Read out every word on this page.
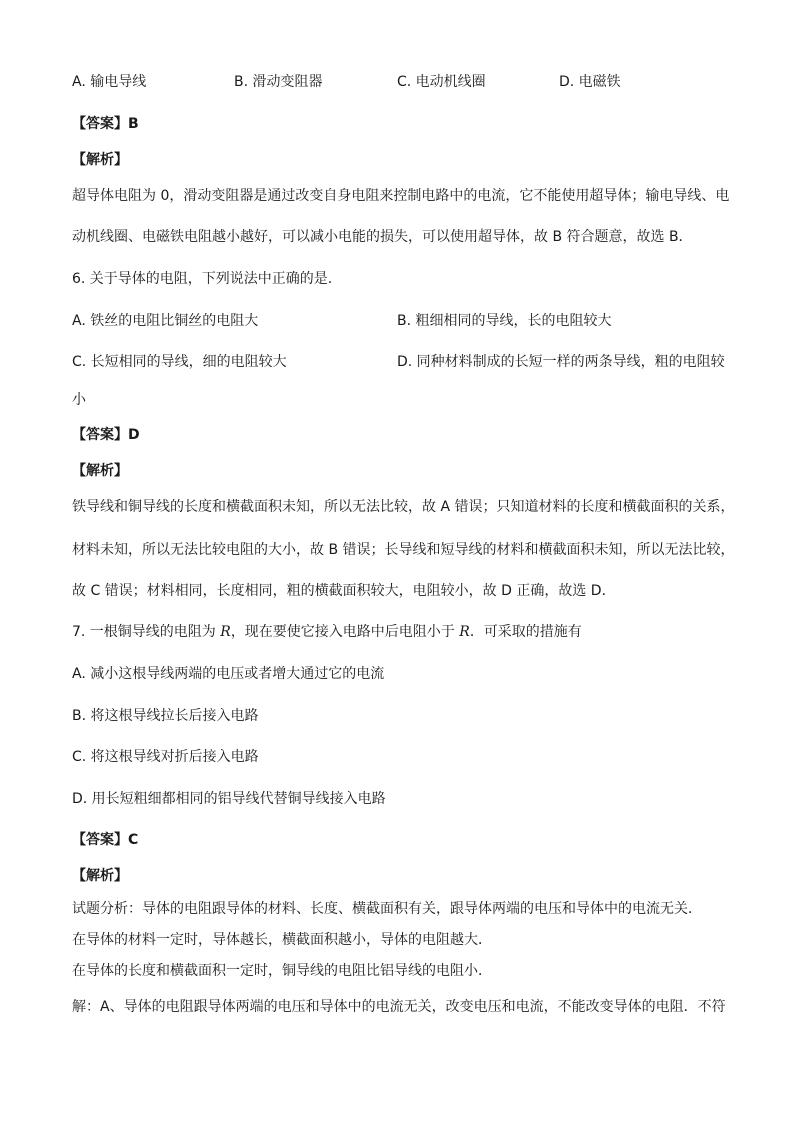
A. 输电导线	B. 滑动变阻器	C. 电动机线圈	D. 电磁铁
【答案】B
【解析】
超导体电阻为 0，滑动变阻器是通过改变自身电阻来控制电路中的电流，它不能使用超导体；输电导线、电
动机线圈、电磁铁电阻越小越好，可以减小电能的损失，可以使用超导体，故 B 符合题意，故选 B．
6. 关于导体的电阻，下列说法中正确的是.
A. 铁丝的电阻比铜丝的电阻大	B. 粗细相同的导线，长的电阻较大
C. 长短相同的导线，细的电阻较大	D. 同种材料制成的长短一样的两条导线，粗的电阻较
小
【答案】D
【解析】
铁导线和铜导线的长度和横截面积未知，所以无法比较，故 A 错误；只知道材料的长度和横截面积的关系，
材料未知，所以无法比较电阻的大小，故 B 错误；长导线和短导线的材料和横截面积未知，所以无法比较，
故 C 错误；材料相同，长度相同，粗的横截面积较大，电阻较小，故 D 正确，故选 D．
7. 一根铜导线的电阻为 R，现在要使它接入电路中后电阻小于 R．可采取的措施有
A. 减小这根导线两端的电压或者增大通过它的电流
B. 将这根导线拉长后接入电路
C. 将这根导线对折后接入电路
D. 用长短粗细都相同的铝导线代替铜导线接入电路
【答案】C
【解析】
试题分析：导体的电阻跟导体的材料、长度、横截面积有关，跟导体两端的电压和导体中的电流无关．
在导体的材料一定时，导体越长，横截面积越小，导体的电阻越大．
在导体的长度和横截面积一定时，铜导线的电阻比铝导线的电阻小．
解：A、导体的电阻跟导体两端的电压和导体中的电流无关，改变电压和电流，不能改变导体的电阻．不符
